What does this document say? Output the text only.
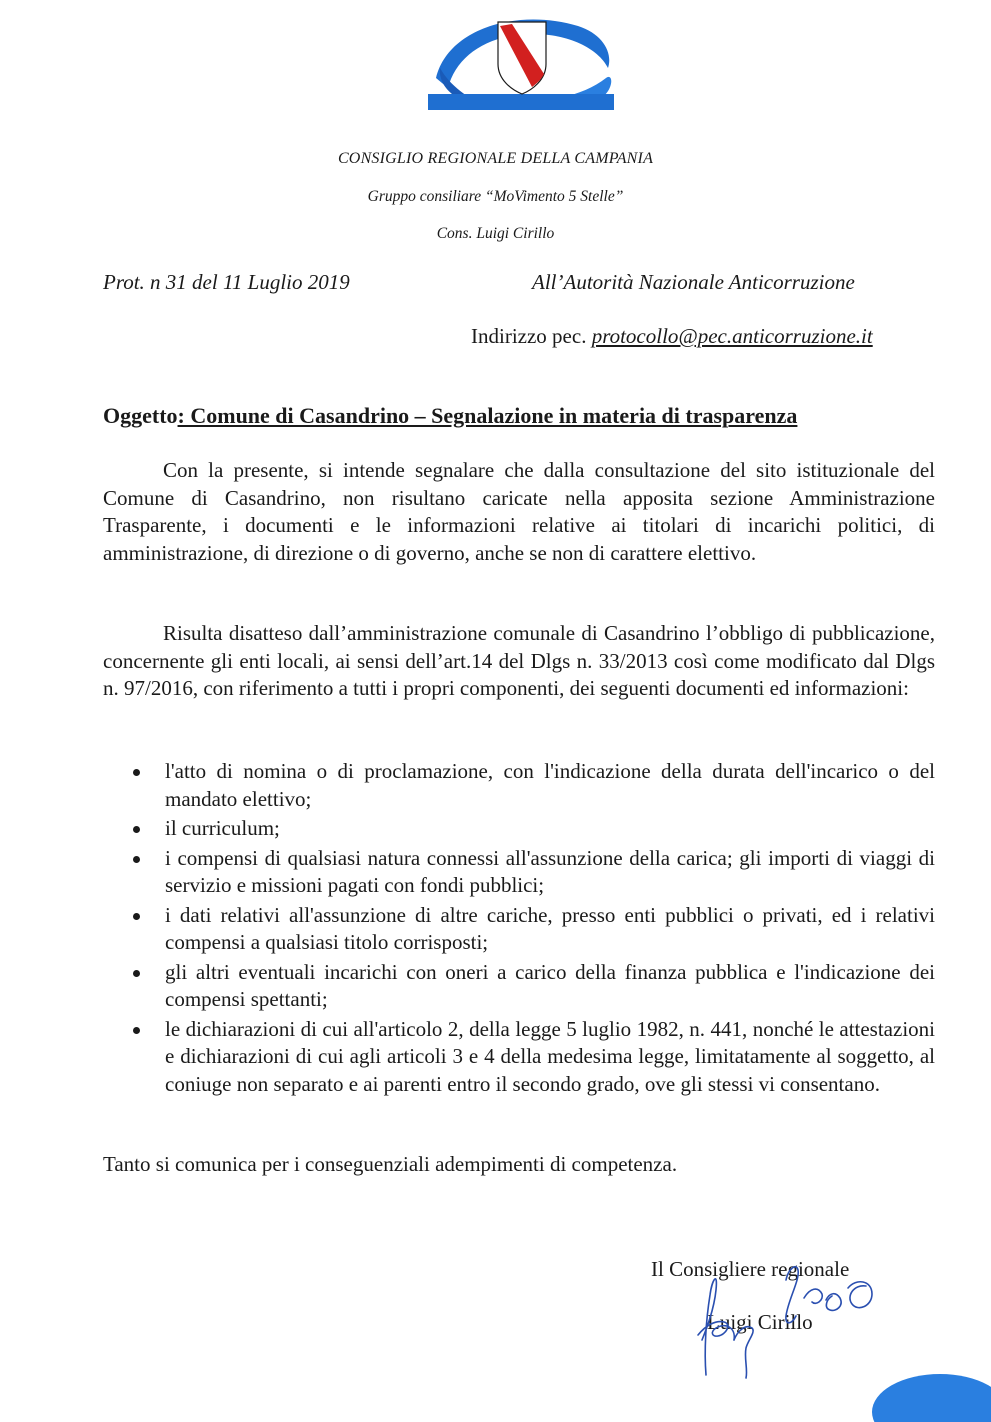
CONSIGLIO REGIONALE DELLA CAMPANIA
Gruppo consiliare “MoVimento 5 Stelle”
Cons. Luigi Cirillo
Prot. n 31 del 11 Luglio 2019	All’Autorità Nazionale Anticorruzione
Indirizzo pec. protocollo@pec.anticorruzione.it
Oggetto: Comune di Casandrino – Segnalazione in materia di trasparenza

Con la presente, si intende segnalare che dalla consultazione del sito istituzionale del Comune di Casandrino, non risultano caricate nella apposita sezione Amministrazione Trasparente, i documenti e le informazioni relative ai titolari di incarichi politici, di amministrazione, di direzione o di governo, anche se non di carattere elettivo.

Risulta disatteso dall’amministrazione comunale di Casandrino l’obbligo di pubblicazione, concernente gli enti locali, ai sensi dell’art.14 del Dlgs n. 33/2013 così come modificato dal Dlgs n. 97/2016, con riferimento a tutti i propri componenti, dei seguenti documenti ed informazioni:

l'atto di nomina o di proclamazione, con l'indicazione della durata dell'incarico o del mandato elettivo;
il curriculum;
i compensi di qualsiasi natura connessi all'assunzione della carica; gli importi di viaggi di servizio e missioni pagati con fondi pubblici;
i dati relativi all'assunzione di altre cariche, presso enti pubblici o privati, ed i relativi compensi a qualsiasi titolo corrisposti;
gli altri eventuali incarichi con oneri a carico della finanza pubblica e l'indicazione dei compensi spettanti;
le dichiarazioni di cui all'articolo 2, della legge 5 luglio 1982, n. 441, nonché le attestazioni e dichiarazioni di cui agli articoli 3 e 4 della medesima legge, limitatamente al soggetto, al coniuge non separato e ai parenti entro il secondo grado, ove gli stessi vi consentano.
Tanto si comunica per i conseguenziali adempimenti di competenza.
Il Consigliere regionale
Luigi Cirillo
